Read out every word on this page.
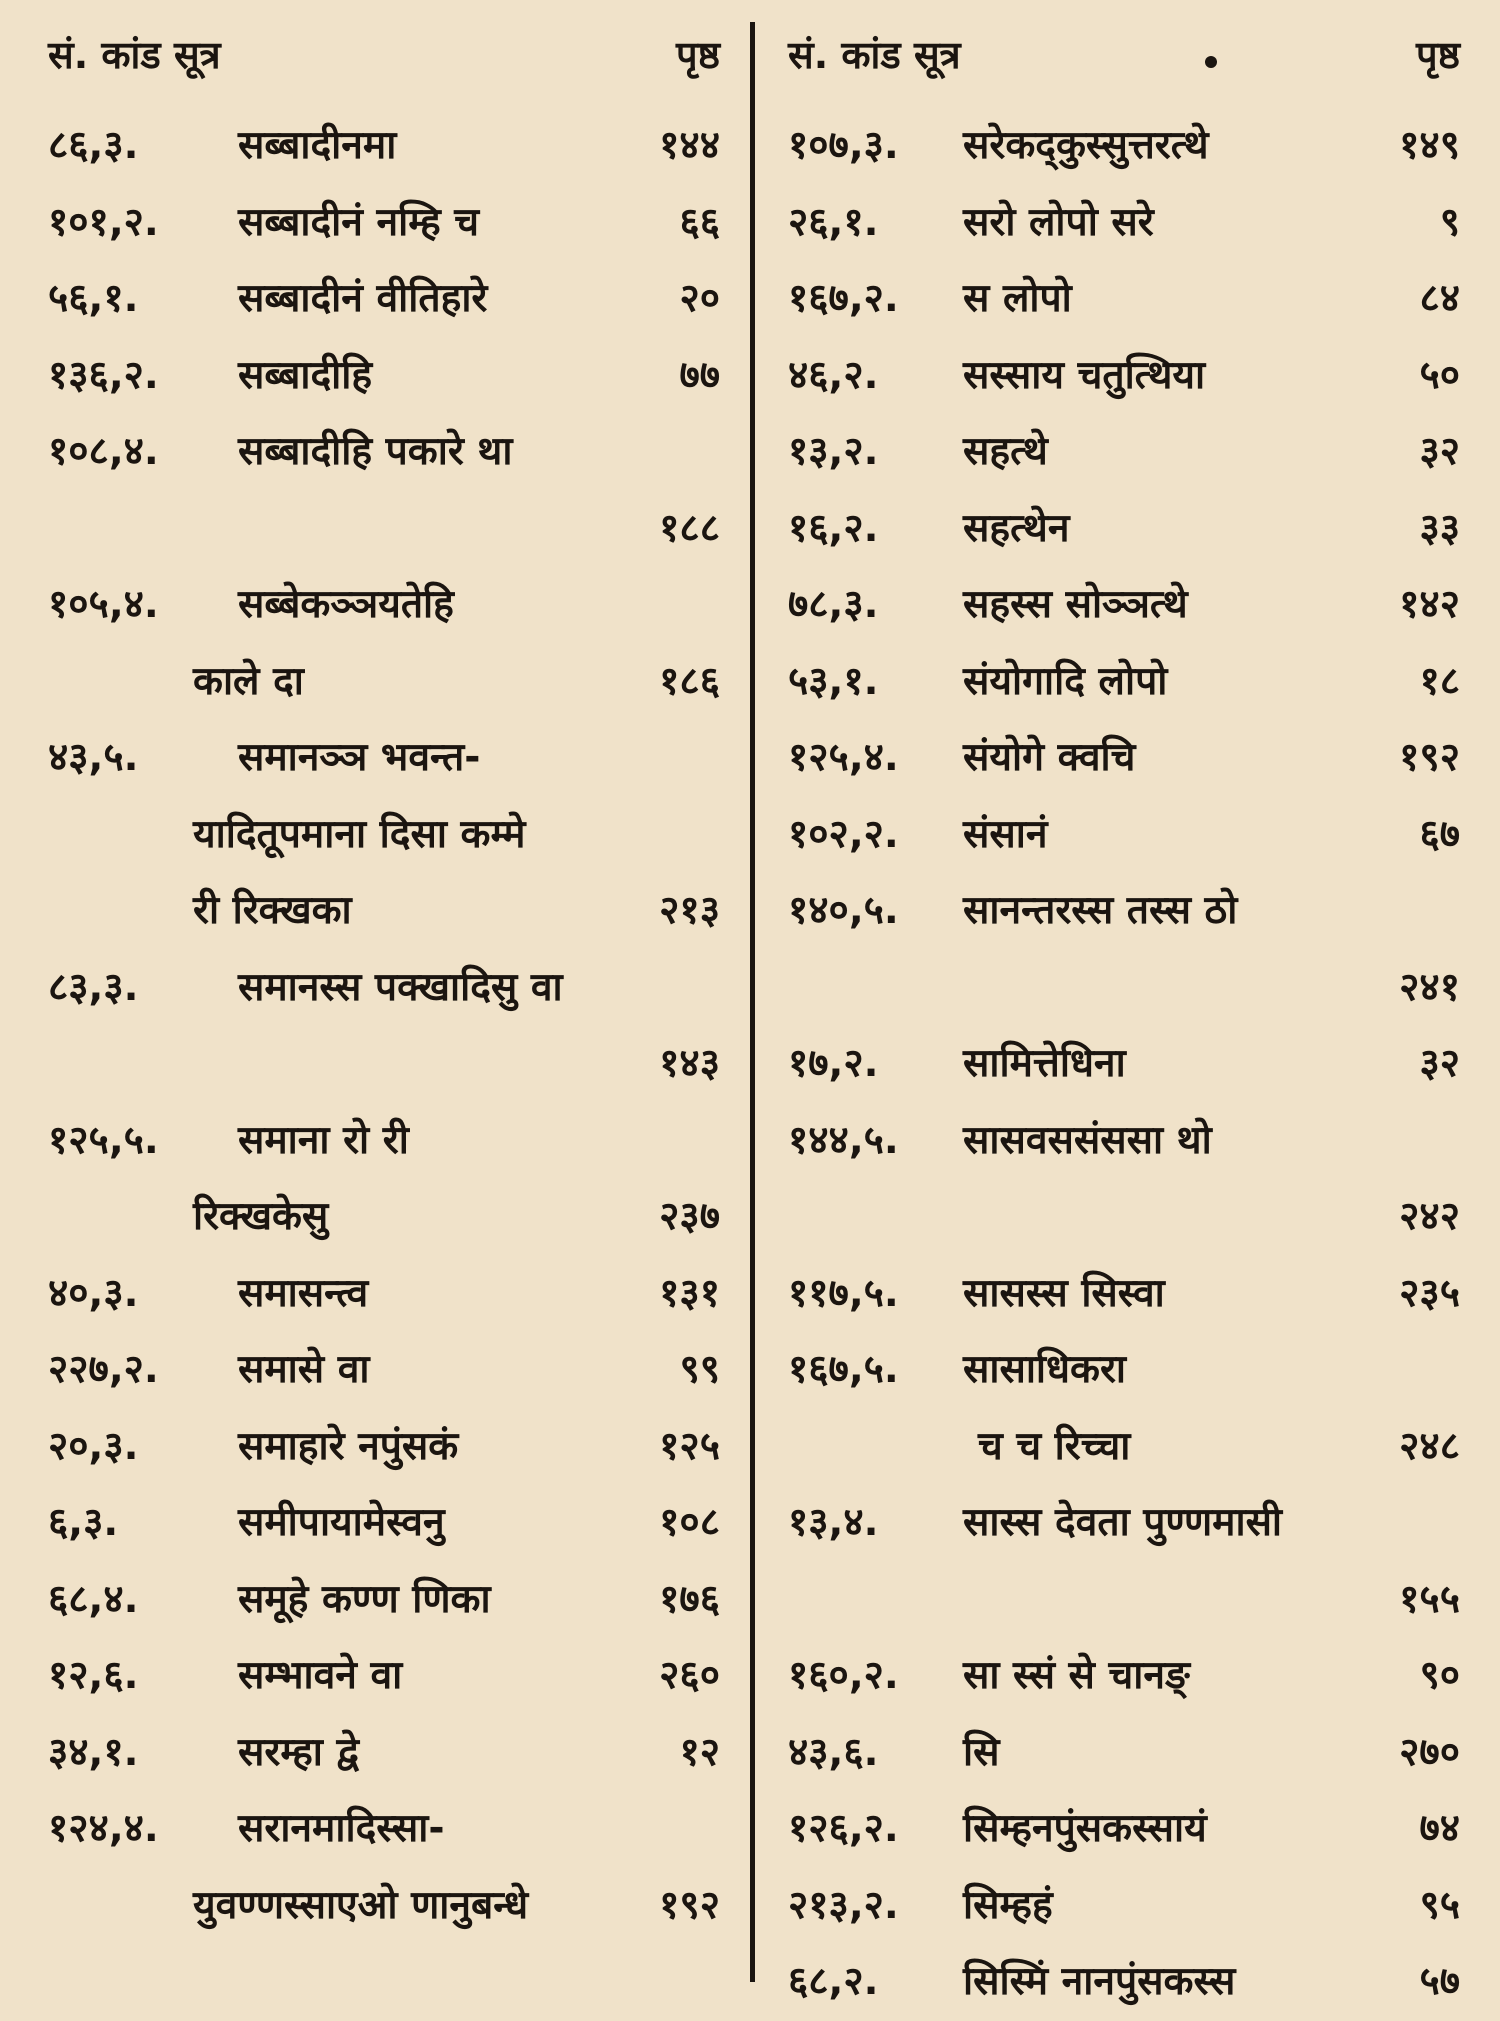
सं. कांड सूत्र	पृष्ठ
८६,३.	सब्बादीनमा	१४४
१०१,२. सब्बादीनं नम्हि च	६६
५६,१.	सब्बादीनं वीतिहारे	२०
१३६,२. सब्बादीहि	७७
१०८,४. सब्बादीहि पकारे था
१८८
१०५,४. सब्बेकञ्ञयतेहि
काले दा	१८६
४३,५.	समानञ्ञ भवन्त-
यादितूपमाना दिसा कम्मे
री रिक्खका	२१३
८३,३.	समानस्स पक्खादिसु वा
१४३
१२५,५. समाना रो री
रिक्खकेसु	२३७
४०,३.	समासन्त्व	१३१
२२७,२. समासे वा	९९
२०,३.	समाहारे नपुंसकं	१२५
६,३.	समीपायामेस्वनु	१०८
६८,४.	समूहे कण्ण णिका	१७६
१२,६.	सम्भावने वा	२६०
३४,१.	सरम्हा द्वे	१२
१२४,४. सरानमादिस्सा-
युवण्णस्साएओ णानुबन्धे	१९२
सं. कांड सूत्र	पृष्ठ
१०७,३. सरेकद्कुस्सुत्तरत्थे	१४९
२६,१. सरो लोपो सरे	९
१६७,२. स लोपो	८४
४६,२. सस्साय चतुत्थिया	५०
१३,२. सहत्थे	३२
१६,२. सहत्थेन	३३
७८,३. सहस्स सोञ्ञत्थे	१४२
५३,१. संयोगादि लोपो	१८
१२५,४. संयोगे क्वचि	१९२
१०२,२. संसानं	६७
१४०,५. सानन्तरस्स तस्स ठो
२४१
१७,२. सामित्तेधिना	३२
१४४,५. सासवससंससा थो
२४२
११७,५. सासस्स सिस्वा	२३५
१६७,५. सासाधिकरा
च च रिच्चा	२४८
१३,४. सास्स देवता पुण्णमासी
१५५
१६०,२. सा स्सं से चानङ्	९०
४३,६. सि	२७०
१२६,२. सिम्हनपुंसकस्सायं	७४
२१३,२. सिम्हहं	९५
६८,२. सिस्मिं नानपुंसकस्स	५७
